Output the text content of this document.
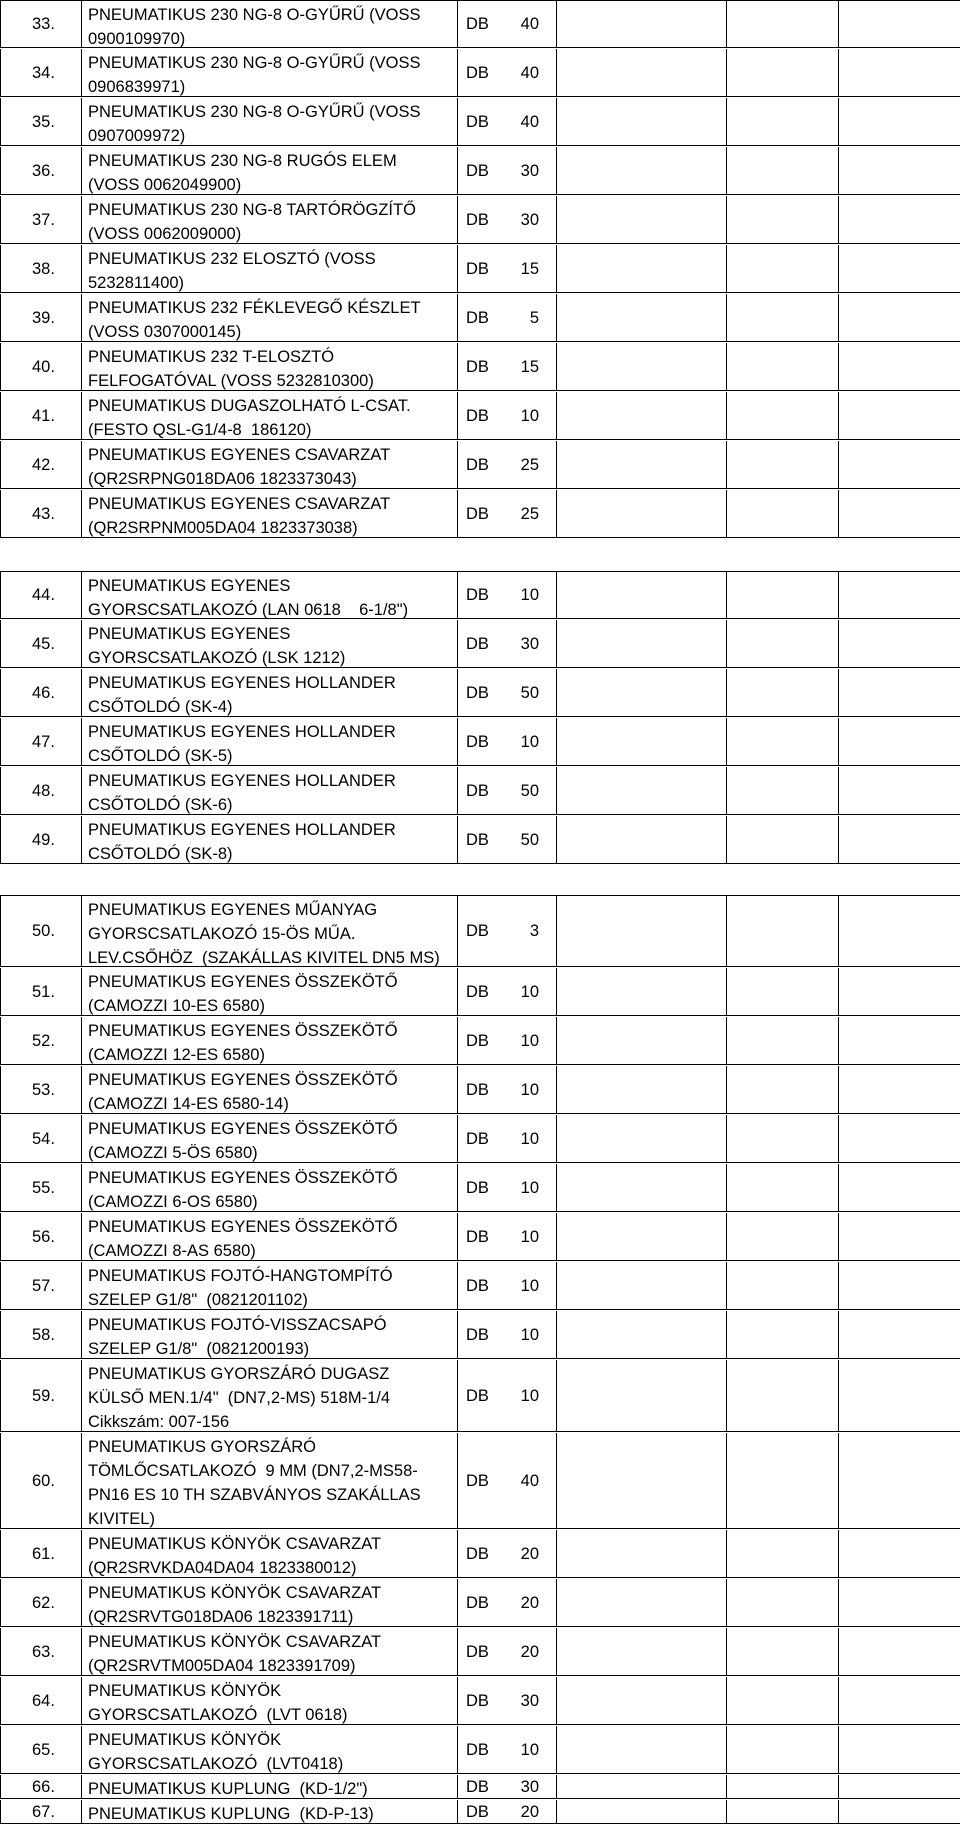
33. PNEUMATIKUS 230 NG-8 O-GYŰRŰ (VOSS
0900109970)
DB 40
34.
PNEUMATIKUS 230 NG-8 O-GYŰRŰ (VOSS
0906839971)
DB 40
35.
PNEUMATIKUS 230 NG-8 O-GYŰRŰ (VOSS
0907009972)
DB 40
36.
PNEUMATIKUS 230 NG-8 RUGÓS ELEM
(VOSS 0062049900)
DB 30
37.
PNEUMATIKUS 230 NG-8 TARTÓRÖGZÍTŐ
(VOSS 0062009000)
DB 30
38.
PNEUMATIKUS 232 ELOSZTÓ (VOSS
5232811400)
DB 15
39.
PNEUMATIKUS 232 FÉKLEVEGŐ KÉSZLET
(VOSS 0307000145)
DB 5
40.
PNEUMATIKUS 232 T-ELOSZTÓ
FELFOGATÓVAL (VOSS 5232810300)
DB 15
41.
PNEUMATIKUS DUGASZOLHATÓ L-CSAT.
(FESTO QSL-G1/4-8  186120)
DB 10
42.
PNEUMATIKUS EGYENES CSAVARZAT
(QR2SRPNG018DA06 1823373043)
DB 25
43.
PNEUMATIKUS EGYENES CSAVARZAT
(QR2SRPNM005DA04 1823373038)
DB 25
44. PNEUMATIKUS EGYENES
GYORSCSATLAKOZÓ (LAN 0618    6-1/8")
DB 10
45.
PNEUMATIKUS EGYENES
GYORSCSATLAKOZÓ (LSK 1212)
DB 30
46.
PNEUMATIKUS EGYENES HOLLANDER
CSŐTOLDÓ (SK-4)
DB 50
47.
PNEUMATIKUS EGYENES HOLLANDER
CSŐTOLDÓ (SK-5)
DB 10
48.
PNEUMATIKUS EGYENES HOLLANDER
CSŐTOLDÓ (SK-6)
DB 50
49.
PNEUMATIKUS EGYENES HOLLANDER
CSŐTOLDÓ (SK-8)
DB 50
50.
PNEUMATIKUS EGYENES MŰANYAG
GYORSCSATLAKOZÓ 15-ÖS MŰA.
LEV.CSŐHÖZ  (SZAKÁLLAS KIVITEL DN5 MS)
DB 3
51.
PNEUMATIKUS EGYENES ÖSSZEKÖTŐ
(CAMOZZI 10-ES 6580)
DB 10
52.
PNEUMATIKUS EGYENES ÖSSZEKÖTŐ
(CAMOZZI 12-ES 6580)
DB 10
53.
PNEUMATIKUS EGYENES ÖSSZEKÖTŐ
(CAMOZZI 14-ES 6580-14)
DB 10
54.
PNEUMATIKUS EGYENES ÖSSZEKÖTŐ
(CAMOZZI 5-ÖS 6580)
DB 10
55.
PNEUMATIKUS EGYENES ÖSSZEKÖTŐ
(CAMOZZI 6-OS 6580)
DB 10
56.
PNEUMATIKUS EGYENES ÖSSZEKÖTŐ
(CAMOZZI 8-AS 6580)
DB 10
57.
PNEUMATIKUS FOJTÓ-HANGTOMPÍTÓ
SZELEP G1/8"  (0821201102)
DB 10
58.
PNEUMATIKUS FOJTÓ-VISSZACSAPÓ
SZELEP G1/8"  (0821200193)
DB 10
59.
PNEUMATIKUS GYORSZÁRÓ DUGASZ
KÜLSŐ MEN.1/4"  (DN7,2-MS) 518M-1/4
Cikkszám: 007-156
DB 10
60.
PNEUMATIKUS GYORSZÁRÓ
TÖMLŐCSATLAKOZÓ  9 MM (DN7,2-MS58-
PN16 ES 10 TH SZABVÁNYOS SZAKÁLLAS
KIVITEL)
DB 40
61.
PNEUMATIKUS KÖNYÖK CSAVARZAT
(QR2SRVKDA04DA04 1823380012)
DB 20
62.
PNEUMATIKUS KÖNYÖK CSAVARZAT
(QR2SRVTG018DA06 1823391711)
DB 20
63.
PNEUMATIKUS KÖNYÖK CSAVARZAT
(QR2SRVTM005DA04 1823391709)
DB 20
64.
PNEUMATIKUS KÖNYÖK
GYORSCSATLAKOZÓ  (LVT 0618)
DB 30
65.
PNEUMATIKUS KÖNYÖK
GYORSCSATLAKOZÓ  (LVT0418)
DB 10
66. PNEUMATIKUS KUPLUNG  (KD-1/2")	DB 30
67. PNEUMATIKUS KUPLUNG  (KD-P-13)	DB 20
